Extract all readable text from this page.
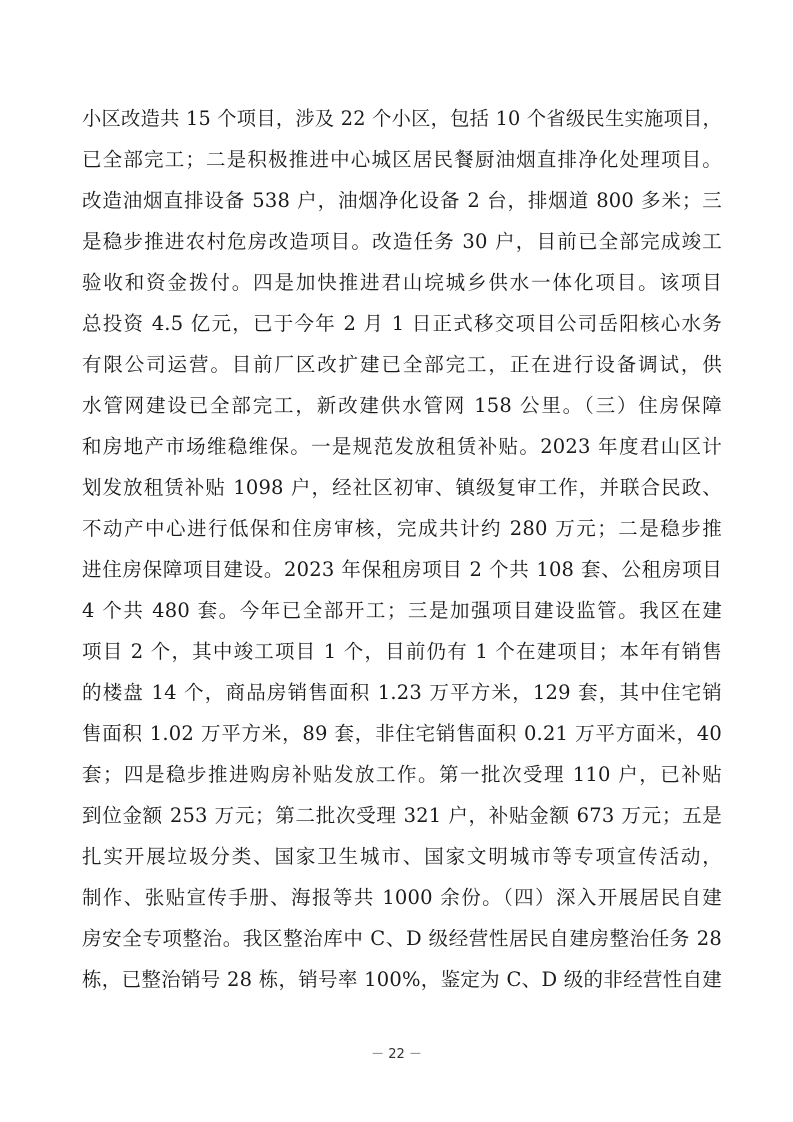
小区改造共 15 个项目，涉及 22 个小区，包括 10 个省级民生实施项目，
已全部完工；二是积极推进中心城区居民餐厨油烟直排净化处理项目。
改造油烟直排设备 538 户，油烟净化设备 2 台，排烟道 800 多米；三
是稳步推进农村危房改造项目。改造任务 30 户，目前已全部完成竣工
验收和资金拨付。四是加快推进君山垸城乡供水一体化项目。该项目
总投资 4.5 亿元，已于今年 2 月 1 日正式移交项目公司岳阳核心水务
有限公司运营。目前厂区改扩建已全部完工，正在进行设备调试，供
水管网建设已全部完工，新改建供水管网 158 公里。（三）住房保障
和房地产市场维稳维保。一是规范发放租赁补贴。2023 年度君山区计
划发放租赁补贴 1098 户，经社区初审、镇级复审工作，并联合民政、
不动产中心进行低保和住房审核，完成共计约 280 万元；二是稳步推
进住房保障项目建设。2023 年保租房项目 2 个共 108 套、公租房项目
4 个共 480 套。今年已全部开工；三是加强项目建设监管。我区在建
项目 2 个，其中竣工项目 1 个，目前仍有 1 个在建项目；本年有销售
的楼盘 14 个，商品房销售面积 1.23 万平方米，129 套，其中住宅销
售面积 1.02 万平方米，89 套，非住宅销售面积 0.21 万平方面米，40
套；四是稳步推进购房补贴发放工作。第一批次受理 110 户，已补贴
到位金额 253 万元；第二批次受理 321 户，补贴金额 673 万元；五是
扎实开展垃圾分类、国家卫生城市、国家文明城市等专项宣传活动，
制作、张贴宣传手册、海报等共 1000 余份。（四）深入开展居民自建
房安全专项整治。我区整治库中 C、D 级经营性居民自建房整治任务 28
栋，已整治销号 28 栋，销号率 100%，鉴定为 C、D 级的非经营性自建
－ 22 －
